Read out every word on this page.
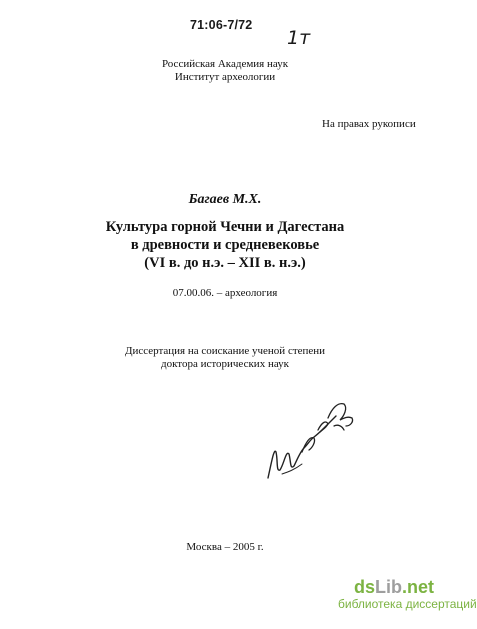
71:06-7/72
1т
Российская Академия наук
Институт археологии
На правах рукописи
Багаев М.Х.
Культура горной Чечни и Дагестана
в древности и средневековье
(VI в. до н.э. – XII в. н.э.)
07.00.06. – археология
Диссертация на соискание ученой степени
доктора исторических наук
Москва – 2005 г.
dsLib.net
библиотека диссертаций
